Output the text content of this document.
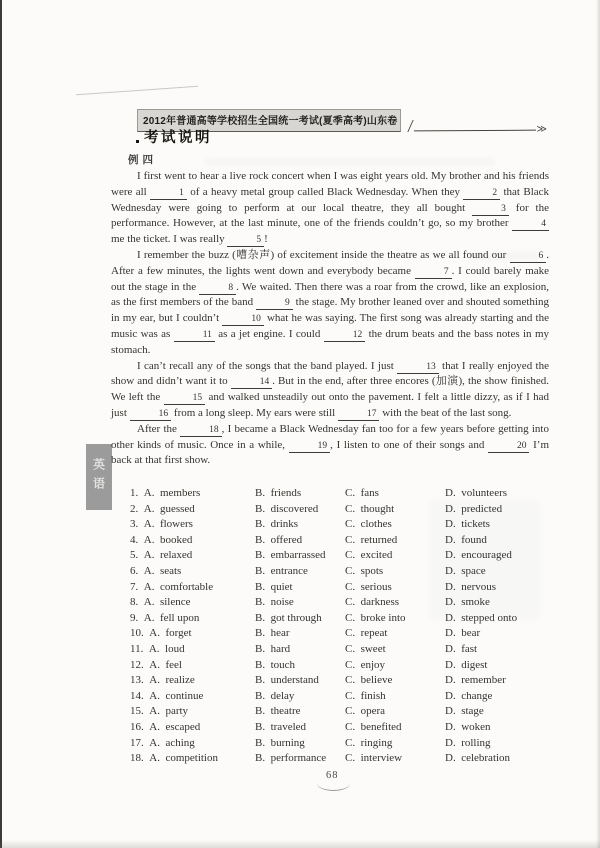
英语
2012年普通高等学校招生全国统一考试(夏季高考)山东卷
≫
考试说明
例四

I first went to hear a live rock concert when I was eight years old. My brother and his friends were all	1 of a heavy metal group called Black Wednesday. When they	2 that Black Wednesday were going to perform at our local theatre, they all bought	3 for the performance. However, at the last minute, one of the friends couldn’t go, so my brother	4 me the ticket. I was really	5 !

I remember the buzz (嘈杂声) of excitement inside the theatre as we all found our	6 . After a few minutes, the lights went down and everybody became	7 . I could barely make out the stage in the	8 . We waited. Then there was a roar from the crowd, like an explosion, as the first members of the band	9 the stage. My brother leaned over and shouted something in my ear, but I couldn’t	10 what he was saying. The first song was already starting and the music was as	11 as a jet engine. I could	12 the drum beats and the bass notes in my stomach.

I can’t recall any of the songs that the band played. I just	13 that I really enjoyed the show and didn’t want it to	14 . But in the end, after three encores (加演), the show finished. We left the	15 and walked unsteadily out onto the pavement. I felt a little dizzy, as if I had just	16 from a long sleep. My ears were still	17 with the beat of the last song.

After the	18 , I became a Black Wednesday fan too for a few years before getting into other kinds of music. Once in a while,	19 , I listen to one of their songs and	20 I’m back at that first show.

1. A. members	B. friends	C. fans	D. volunteers
2. A. guessed	B. discovered	C. thought	D. predicted
3. A. flowers	B. drinks	C. clothes	D. tickets
4. A. booked	B. offered	C. returned	D. found
5. A. relaxed	B. embarrassed	C. excited	D. encouraged
6. A. seats	B. entrance	C. spots	D. space
7. A. comfortable	B. quiet	C. serious	D. nervous
8. A. silence	B. noise	C. darkness	D. smoke
9. A. fell upon	B. got through	C. broke into	D. stepped onto
10. A. forget	B. hear	C. repeat	D. bear
11. A. loud	B. hard	C. sweet	D. fast
12. A. feel	B. touch	C. enjoy	D. digest
13. A. realize	B. understand	C. believe	D. remember
14. A. continue	B. delay	C. finish	D. change
15. A. party	B. theatre	C. opera	D. stage
16. A. escaped	B. traveled	C. benefited	D. woken
17. A. aching	B. burning	C. ringing	D. rolling
18. A. competition	B. performance	C. interview	D. celebration
68
